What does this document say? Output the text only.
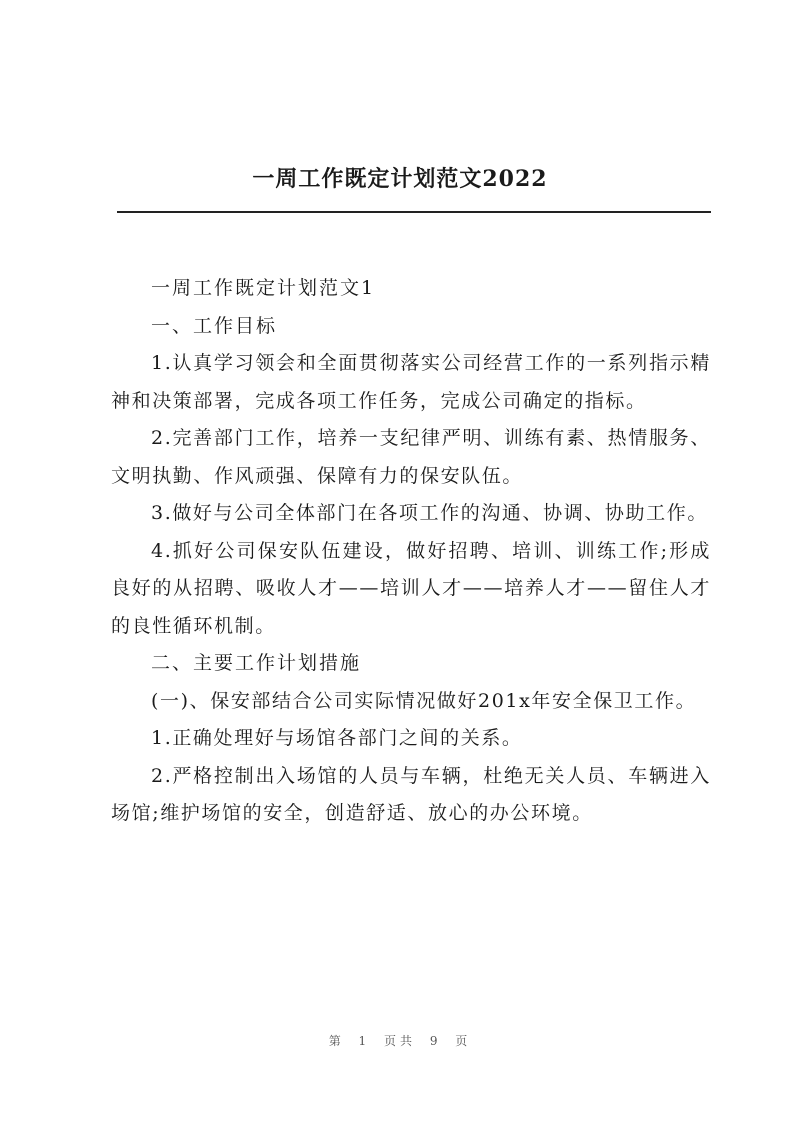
一周工作既定计划范文2022

一周工作既定计划范文1

一、工作目标

1.认真学习领会和全面贯彻落实公司经营工作的一系列指示精神和决策部署，完成各项工作任务，完成公司确定的指标。

2.完善部门工作，培养一支纪律严明、训练有素、热情服务、文明执勤、作风顽强、保障有力的保安队伍。

3.做好与公司全体部门在各项工作的沟通、协调、协助工作。

4.抓好公司保安队伍建设，做好招聘、培训、训练工作;形成良好的从招聘、吸收人才——培训人才——培养人才——留住人才的良性循环机制。

二、主要工作计划措施

(一)、保安部结合公司实际情况做好201x年安全保卫工作。

1.正确处理好与场馆各部门之间的关系。

2.严格控制出入场馆的人员与车辆，杜绝无关人员、车辆进入场馆;维护场馆的安全，创造舒适、放心的办公环境。

第 1 页共 9 页
